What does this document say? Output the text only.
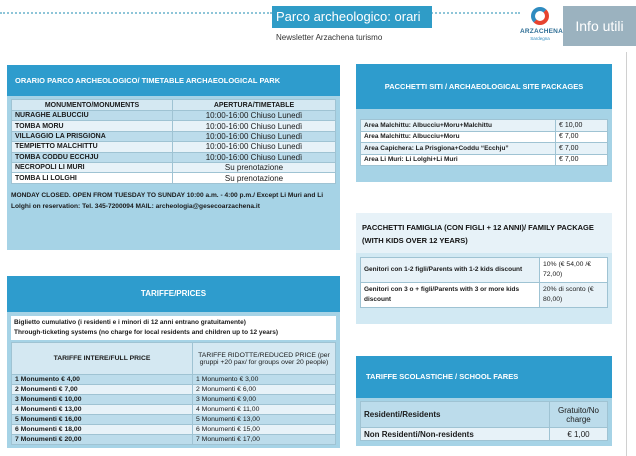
Parco archeologico: orari
Newsletter Arzachena turismo
ARZACHENA
Sardegna
Info utili
ORARIO PARCO ARCHEOLOGICO/ TIMETABLE ARCHAEOLOGICAL PARK
MONUMENTO/MONUMENTS	APERTURA/TIMETABLE
NURAGHE ALBUCCIU	10:00-16:00 Chiuso Lunedì
TOMBA MORU	10:00-16:00 Chiuso Lunedì
VILLAGGIO LA PRISGIONA	10:00-16:00 Chiuso Lunedì
TEMPIETTO MALCHITTU	10:00-16:00 Chiuso Lunedì
TOMBA CODDU ECCHJU	10:00-16:00 Chiuso Lunedì
NECROPOLI LI MURI	Su prenotazione
TOMBA LI LOLGHI	Su prenotazione
MONDAY CLOSED. OPEN FROM TUESDAY TO SUNDAY 10:00 a.m. - 4:00 p.m./ Except Li Muri and Li Lolghi on reservation: Tel. 345-7200094 MAIL: archeologia@gesecoarzachena.it
TARIFFE/PRICES
Biglietto cumulativo (i residenti e i minori di 12 anni entrano gratuitamente)
Through-ticketing systems (no charge for local residents and children up to 12 years)
TARIFFE INTERE/FULL PRICE	TARIFFE RIDOTTE/REDUCED PRICE (per gruppi +20 pax/ for groups over 20 people)
1 Monumento € 4,00	1 Monumento € 3,00
2 Monumenti € 7,00	2 Monumenti € 6,00
3 Monumenti € 10,00	3 Monumenti € 9,00
4 Monumenti € 13,00	4 Monumenti € 11,00
5 Monumenti € 16,00	5 Monumenti € 13,00
6 Monumenti € 18,00	6 Monumenti € 15,00
7 Monumenti € 20,00	7 Monumenti € 17,00
PACCHETTI SITI / ARCHAEOLOGICAL SITE PACKAGES
Area Malchittu: Albucciu+Moru+Malchittu	€ 10,00
Area Malchittu: Albucciu+Moru	€ 7,00
Area Capichera: La Prisgiona+Coddu “Ecchju”	€ 7,00
Area Li Muri: Li Lolghi+Li Muri	€ 7,00
PACCHETTI FAMIGLIA (CON FIGLI + 12 ANNI)/ FAMILY PACKAGE (WITH KIDS OVER 12 YEARS)
Genitori con 1-2 figli/Parents with 1-2 kids discount	10% (€ 54,00 /€ 72,00)
Genitori con 3 o + figli/Parents with 3 or more kids discount	20% di sconto (€ 80,00)
TARIFFE SCOLASTICHE / SCHOOL FARES
Residenti/Residents	Gratuito/No charge
Non Residenti/Non-residents	€ 1,00
